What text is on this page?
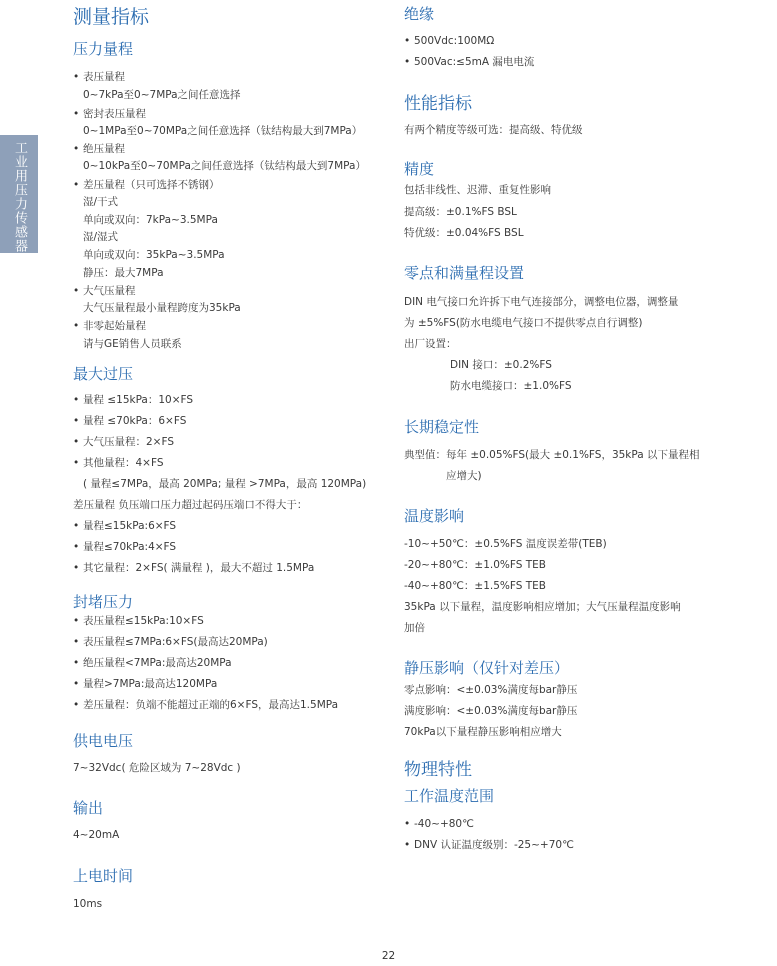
工业用压力传感器
测量指标
压力量程
• 表压量程
0~7kPa至0~7MPa之间任意选择
• 密封表压量程
0~1MPa至0~70MPa之间任意选择（钛结构最大到7MPa）
• 绝压量程
0~10kPa至0~70MPa之间任意选择（钛结构最大到7MPa）
• 差压量程（只可选择不锈钢）
湿/干式
单向或双向：7kPa~3.5MPa
湿/湿式
单向或双向：35kPa~3.5MPa
静压：最大7MPa
• 大气压量程
大气压量程最小量程跨度为35kPa
• 非零起始量程
请与GE销售人员联系
最大过压
• 量程 ≤15kPa：10×FS
• 量程 ≤70kPa：6×FS
• 大气压量程：2×FS
• 其他量程：4×FS
( 量程≤7MPa，最高 20MPa; 量程 >7MPa，最高 120MPa)
差压量程 负压端口压力超过起码压端口不得大于：
• 量程≤15kPa:6×FS
• 量程≤70kPa:4×FS
• 其它量程：2×FS( 满量程 )，最大不超过 1.5MPa
封堵压力
• 表压量程≤15kPa:10×FS
• 表压量程≤7MPa:6×FS(最高达20MPa)
• 绝压量程<7MPa:最高达20MPa
• 量程>7MPa:最高达120MPa
• 差压量程：负端不能超过正端的6×FS，最高达1.5MPa
供电电压
7~32Vdc( 危险区域为 7~28Vdc )
输出
4~20mA
上电时间
10ms
绝缘
• 500Vdc:100MΩ
• 500Vac:≤5mA 漏电电流
性能指标
有两个精度等级可选：提高级、特优级
精度
包括非线性、迟滞、重复性影响
提高级：±0.1%FS BSL
特优级：±0.04%FS BSL
零点和满量程设置
DIN 电气接口允许拆下电气连接部分，调整电位器，调整量
为 ±5%FS(防水电缆电气接口不提供零点自行调整)
出厂设置：
DIN 接口：±0.2%FS
防水电缆接口：±1.0%FS
长期稳定性
典型值：每年 ±0.05%FS(最大 ±0.1%FS，35kPa 以下量程相
应增大)
温度影响
-10~+50℃：±0.5%FS 温度误差带(TEB)
-20~+80℃：±1.0%FS TEB
-40~+80℃：±1.5%FS TEB
35kPa 以下量程，温度影响相应增加；大气压量程温度影响
加倍
静压影响（仅针对差压）
零点影响：<±0.03%满度每bar静压
满度影响：<±0.03%满度每bar静压
70kPa以下量程静压影响相应增大
物理特性
工作温度范围
• -40~+80℃
• DNV 认证温度级别：-25~+70℃
22
